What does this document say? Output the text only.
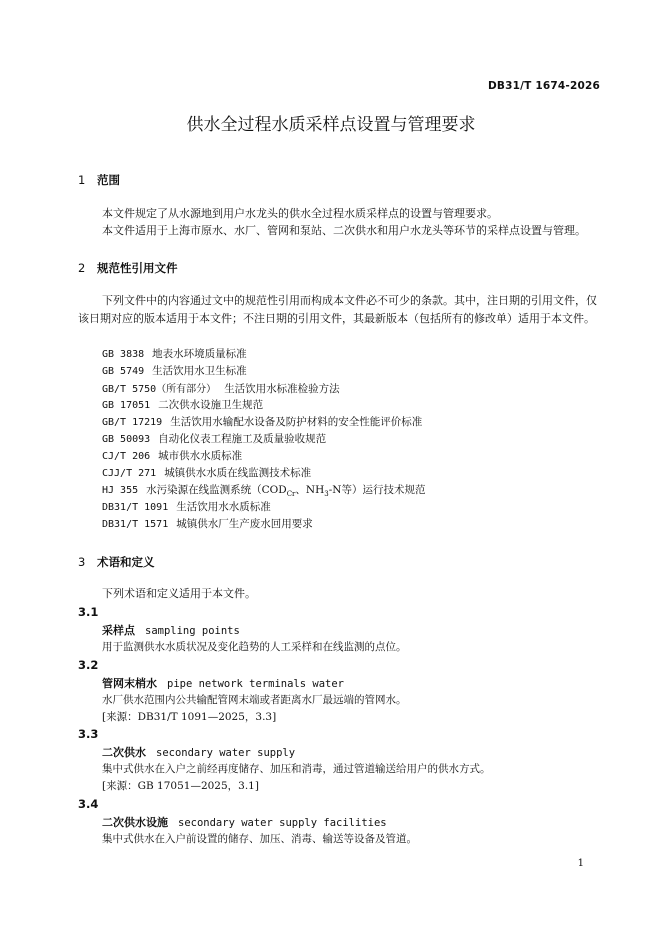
DB31/T 1674-2026
供水全过程水质采样点设置与管理要求
1 范围
本文件规定了从水源地到用户水龙头的供水全过程水质采样点的设置与管理要求。
本文件适用于上海市原水、水厂、管网和泵站、二次供水和用户水龙头等环节的采样点设置与管理。
2 规范性引用文件
下列文件中的内容通过文中的规范性引用而构成本文件必不可少的条款。其中，注日期的引用文件，仅该日期对应的版本适用于本文件；不注日期的引用文件，其最新版本（包括所有的修改单）适用于本文件。
GB 3838 地表水环境质量标准
GB 5749 生活饮用水卫生标准
GB/T 5750（所有部分） 生活饮用水标准检验方法
GB 17051 二次供水设施卫生规范
GB/T 17219 生活饮用水输配水设备及防护材料的安全性能评价标准
GB 50093 自动化仪表工程施工及质量验收规范
CJ/T 206 城市供水水质标准
CJJ/T 271 城镇供水水质在线监测技术标准
HJ 355 水污染源在线监测系统（$COD_{Cr}$、$NH_3-N$等）运行技术规范
DB31/T 1091 生活饮用水水质标准
DB31/T 1571 城镇供水厂生产废水回用要求
3 术语和定义
下列术语和定义适用于本文件。
3.1
采样点 sampling points
用于监测供水水质状况及变化趋势的人工采样和在线监测的点位。
3.2
管网末梢水 pipe network terminals water
水厂供水范围内公共输配管网末端或者距离水厂最远端的管网水。
[来源：DB31/T 1091—2025，3.3]
3.3
二次供水 secondary water supply
集中式供水在入户之前经再度储存、加压和消毒，通过管道输送给用户的供水方式。
[来源：GB 17051—2025，3.1]
3.4
二次供水设施 secondary water supply facilities
集中式供水在入户前设置的储存、加压、消毒、输送等设备及管道。
1
